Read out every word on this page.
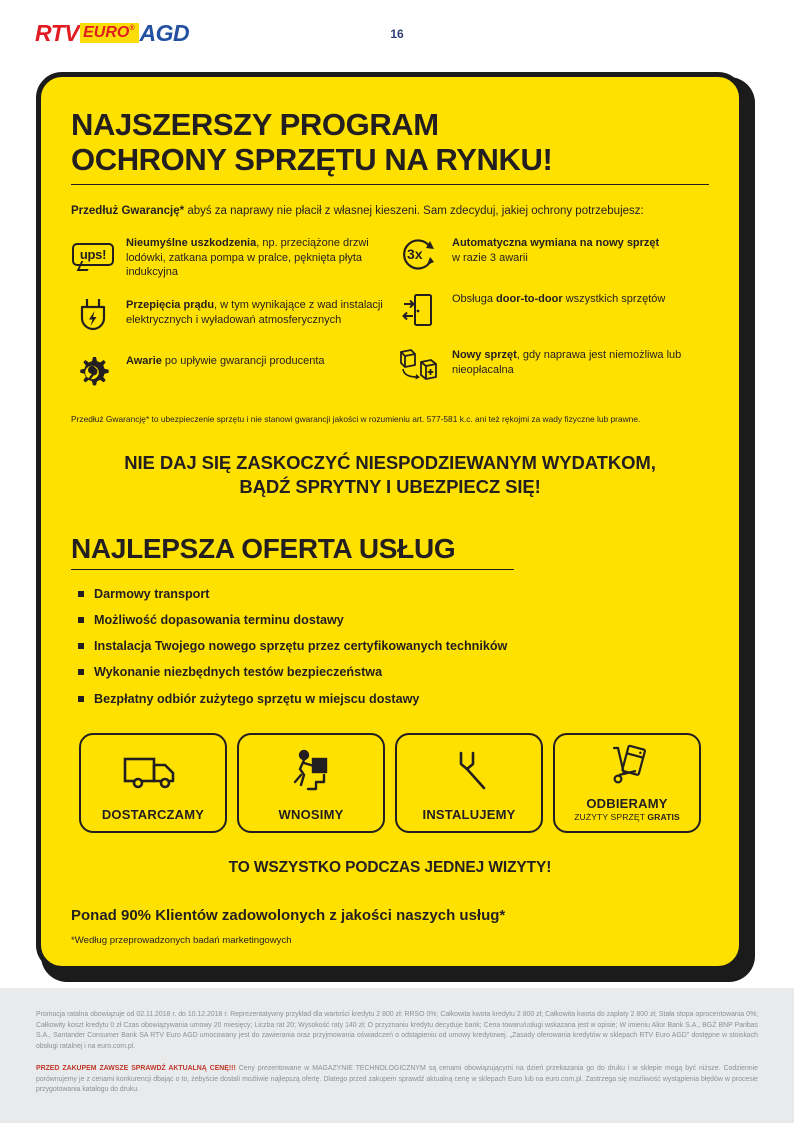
RTV EURO® AGD	16
NAJSZERSZY PROGRAM
OCHRONY SPRZĘTU NA RYNKU!

Przedłuż Gwarancję* abyś za naprawy nie płacił z własnej kieszeni. Sam zdecyduj, jakiej ochrony potrzebujesz:

ups!
Nieumyślne uszkodzenia, np. przeciążone drzwi lodówki, zatkana pompa w pralce, pęknięta płyta indukcyjna
Przepięcia prądu, w tym wynikające z wad instalacji elektrycznych i wyładowań atmosferycznych
Awarie po upływie gwarancji producenta
3x
Automatyczna wymiana na nowy sprzęt
w razie 3 awarii
Obsługa door-to-door wszystkich sprzętów
Nowy sprzęt, gdy naprawa jest niemożliwa lub nieopłacalna

Przedłuż Gwarancję* to ubezpieczenie sprzętu i nie stanowi gwarancji jakości w rozumieniu art. 577-581 k.c. ani też rękojmi za wady fizyczne lub prawne.

NIE DAJ SIĘ ZASKOCZYĆ NIESPODZIEWANYM WYDATKOM,
BĄDŹ SPRYTNY I UBEZPIECZ SIĘ!
NAJLEPSZA OFERTA USŁUG
Darmowy transport
Możliwość dopasowania terminu dostawy
Instalacja Twojego nowego sprzętu przez certyfikowanych techników
Wykonanie niezbędnych testów bezpieczeństwa
Bezpłatny odbiór zużytego sprzętu w miejscu dostawy
DOSTARCZAMY	WNOSIMY	INSTALUJEMY
ODBIERAMY
ZUŻYTY SPRZĘT GRATIS
TO WSZYSTKO PODCZAS JEDNEJ WIZYTY!
Ponad 90% Klientów zadowolonych z jakości naszych usług*
*Według przeprowadzonych badań marketingowych

Promocja ratalna obowiązuje od 02.11.2018 r. do 10.12.2018 r. Reprezentatywny przykład dla wartości kredytu 2 800 zł: RRSO 0%; Całkowita kwota kredytu 2 800 zł; Całkowita kwota do zapłaty 2 800 zł; Stała stopa oprocentowania 0%; Całkowity koszt kredytu 0 zł Czas obowiązywania umowy 20 miesięcy; Liczba rat 20; Wysokość raty 140 zł; O przyznaniu kredytu decyduje bank; Cena towaru/usługi wskazana jest w opisie; W imieniu Alior Bank S.A., BGŻ BNP Paribas S.A., Santander Consumer Bank SA RTV Euro AGD umocowany jest do zawierania oraz przyjmowania oświadczeń o odstąpieniu od umowy kredytowej. „Zasady oferowania kredytów w sklepach RTV Euro AGD" dostępne w stoiskach obsługi ratalnej i na euro.com.pl.

PRZED ZAKUPEM ZAWSZE SPRAWDŹ AKTUALNĄ CENĘ!!! Ceny prezentowane w MAGAZYNIE TECHNOLOGICZNYM są cenami obowiązującymi na dzień przekazania go do druku i w sklepie mogą być niższe. Codziennie porównujemy je z cenami konkurencji dbając o to, żebyście dostali możliwie najlepszą ofertę. Dlatego przed zakupem sprawdź aktualną cenę w sklepach Euro lub na euro.com.pl. Zastrzega się możliwość wystąpienia błędów w procesie przygotowania katalogu do druku.
